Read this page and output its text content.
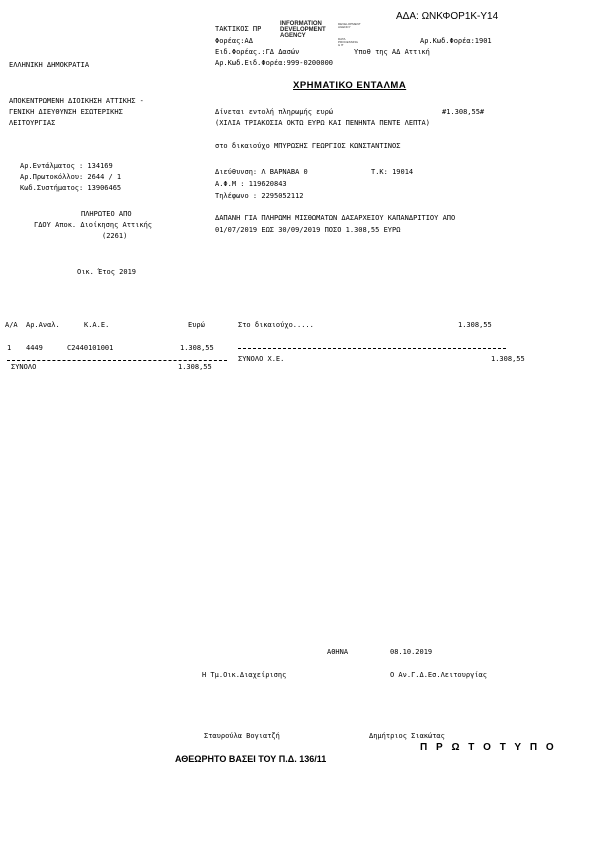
ΑΔΑ: ΩΝΚΦΟΡ1Κ-Υ14
ΤΑΚΤΙΚΟΣ ΠΡ
INFORMATION
DEVELOPMENT
AGENCY
DEVELOPMENT AGENCY
DATA PROCESSING & IT
Φορέας:ΑΔ	Αρ.Κωδ.Φορέα:1901
Ειδ.Φορέας.:ΓΔ Δασών	Υποθ της ΑΔ Αττική
Αρ.Κωδ.Ειδ.Φορέα:999-0200000
ΕΛΛΗΝΙΚΗ ΔΗΜΟΚΡΑΤΙΑ
ΑΠΟΚΕΝΤΡΩΜΕΝΗ ΔΙΟΙΚΗΣΗ ΑΤΤΙΚΗΣ -
ΓΕΝΙΚΗ ΔΙΕΥΘΥΝΣΗ ΕΣΩΤΕΡΙΚΗΣ
ΛΕΙΤΟΥΡΓΙΑΣ
Αρ.Εντάλματος : 134169
Αρ.Πρωτοκόλλου: 2644 / 1
Κωδ.Συστήματος: 13906465
ΠΛΗΡΩΤΕΟ ΑΠΟ
ΓΔΟΥ Αποκ. Διοίκησης Αττικής
(2261)
Οικ. Έτος 2019
ΧΡΗΜΑΤΙΚΟ ΕΝΤΑΛΜΑ
Δίνεται εντολή πληρωμής ευρώ	#1.308,55#
(ΧΙΛΙΑ ΤΡΙΑΚΟΣΙΑ ΟΚΤΩ ΕΥΡΩ ΚΑΙ ΠΕΝΗΝΤΑ ΠΕΝΤΕ ΛΕΠΤΑ)
στο δικαιούχο ΜΠΥΡΩΣΗΣ ΓΕΩΡΓΙΟΣ ΚΩΝΣΤΑΝΤΙΝΟΣ
Διεύθυνση: Λ ΒΑΡΝΑΒΑ 0	Τ.Κ: 19014
Α.Φ.Μ : 119620843
Τηλέφωνο : 2295052112
ΔΑΠΑΝΗ ΓΙΑ ΠΛΗΡΩΜΗ ΜΙΣΘΩΜΑΤΩΝ ΔΑΣΑΡΧΕΙΟΥ ΚΑΠΑΝΔΡΙΤΙΟΥ ΑΠΟ
01/07/2019 ΕΩΣ 30/09/2019 ΠΟΣΟ 1.308,55 ΕΥΡΩ
Α/Α Αρ.Αναλ.	Κ.Α.Ε.	Ευρώ	Στο δικαιούχο.....	1.308,55
1 4449	C2440101001	1.308,55
ΣΥΝΟΛΟ Χ.Ε.	1.308,55
ΣΥΝΟΛΟ	1.308,55
ΑΘΗΝΑ	08.10.2019
Η Τμ.Οικ.Διαχείρισης	Ο Αν.Γ.Δ.Εσ.Λειτουργίας
Σταυρούλα Βογιατζή	Δημήτριος Σιακώτας
Π Ρ Ω Τ Ο Τ Υ Π Ο
ΑΘΕΩΡΗΤΟ ΒΑΣΕΙ ΤΟΥ Π.Δ. 136/11
